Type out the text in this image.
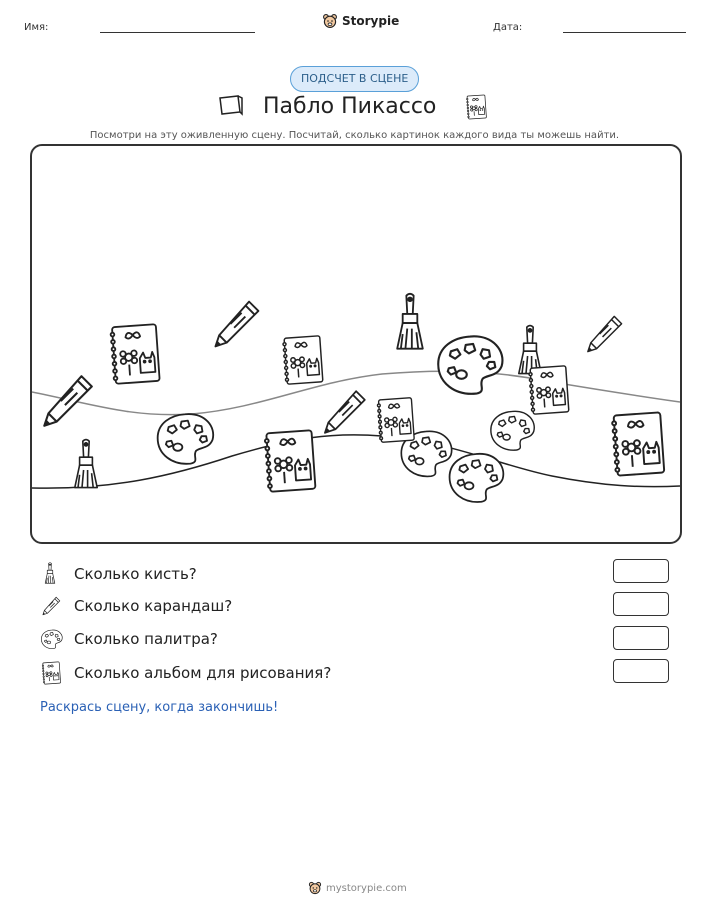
Имя:	Storypie	Дата:
ПОДСЧЕТ В СЦЕНЕ
Пабло Пикассо
Посмотри на эту оживленную сцену. Посчитай, сколько картинок каждого вида ты можешь найти.
Сколько кисть?
Сколько карандаш?
Сколько палитра?
Сколько альбом для рисования?
Раскрась сцену, когда закончишь!
mystorypie.com
